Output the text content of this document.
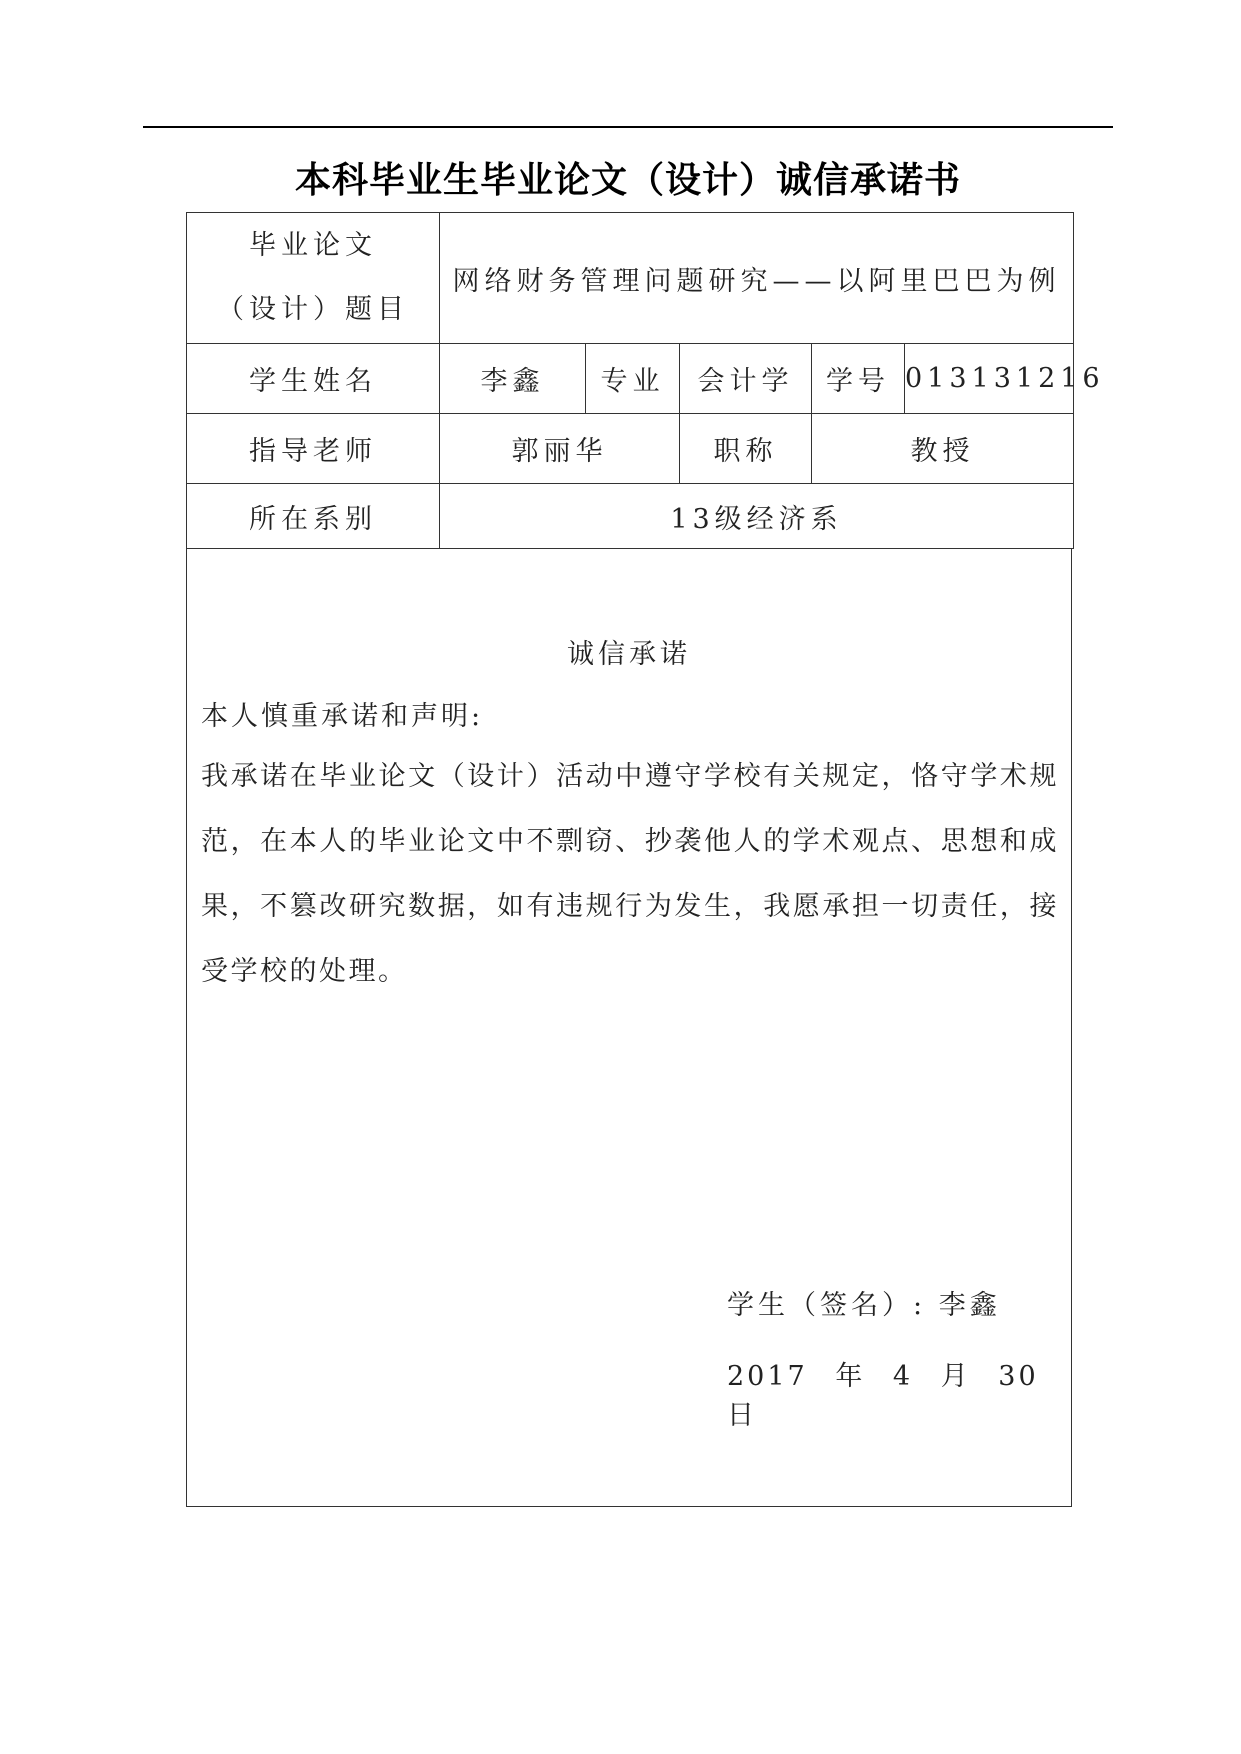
本科毕业生毕业论文（设计）诚信承诺书
毕业论文
（设计）题目	网络财务管理问题研究——以阿里巴巴为例				
学生姓名	李鑫	专业	会计学	学号	013131216
指导老师	郭丽华		职称	教授	
所在系别	13级经济系				
诚信承诺
本人慎重承诺和声明:
我承诺在毕业论文（设计）活动中遵守学校有关规定，恪守学术规范，在本人的毕业论文中不剽窃、抄袭他人的学术观点、思想和成果，不篡改研究数据，如有违规行为发生，我愿承担一切责任，接受学校的处理。
学生（签名）: 李鑫
2017 年 4 月 30 日
